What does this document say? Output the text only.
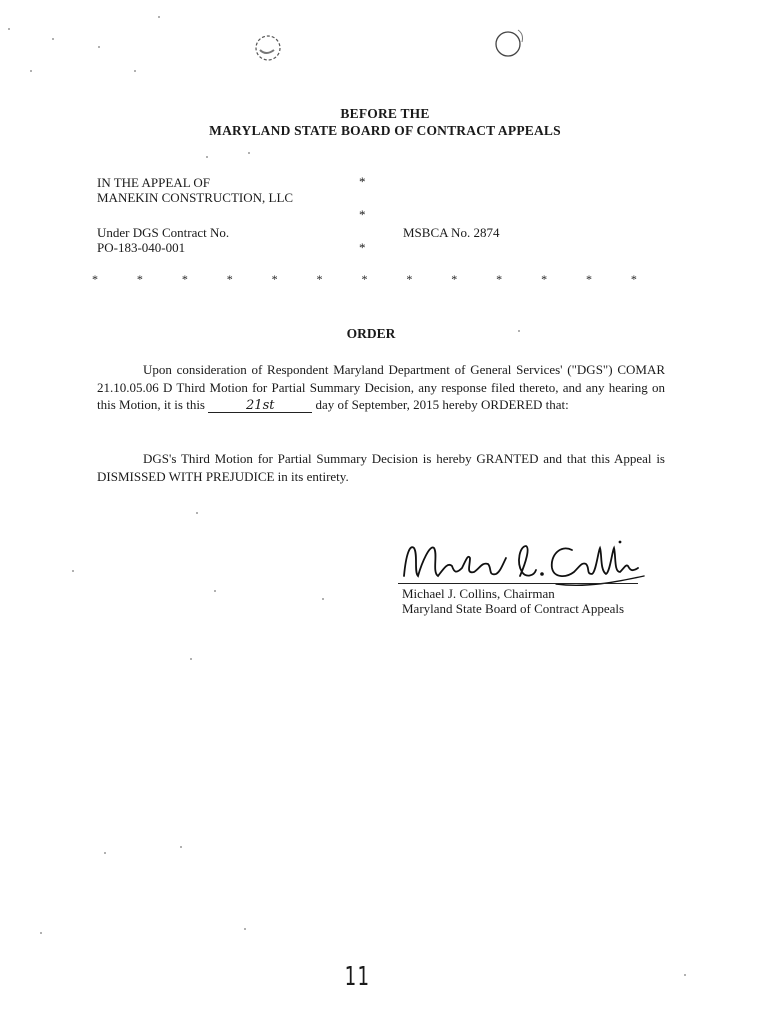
BEFORE THE
MARYLAND STATE BOARD OF CONTRACT APPEALS
IN THE APPEAL OF
MANEKIN CONSTRUCTION, LLC
Under DGS Contract No.
PO-183-040-001
MSBCA No. 2874
*
*
*
*	*	*	*	*	*	*	*	*	*	*	*	*
ORDER
Upon consideration of Respondent Maryland Department of General Services' ("DGS") COMAR 21.10.05.06 D Third Motion for Partial Summary Decision, any response filed thereto, and any hearing on this Motion, it is this	21st	day of September, 2015 hereby ORDERED that:
DGS's Third Motion for Partial Summary Decision is hereby GRANTED and that this Appeal is DISMISSED WITH PREJUDICE in its entirety.
Michael J. Collins, Chairman
Maryland State Board of Contract Appeals
11
